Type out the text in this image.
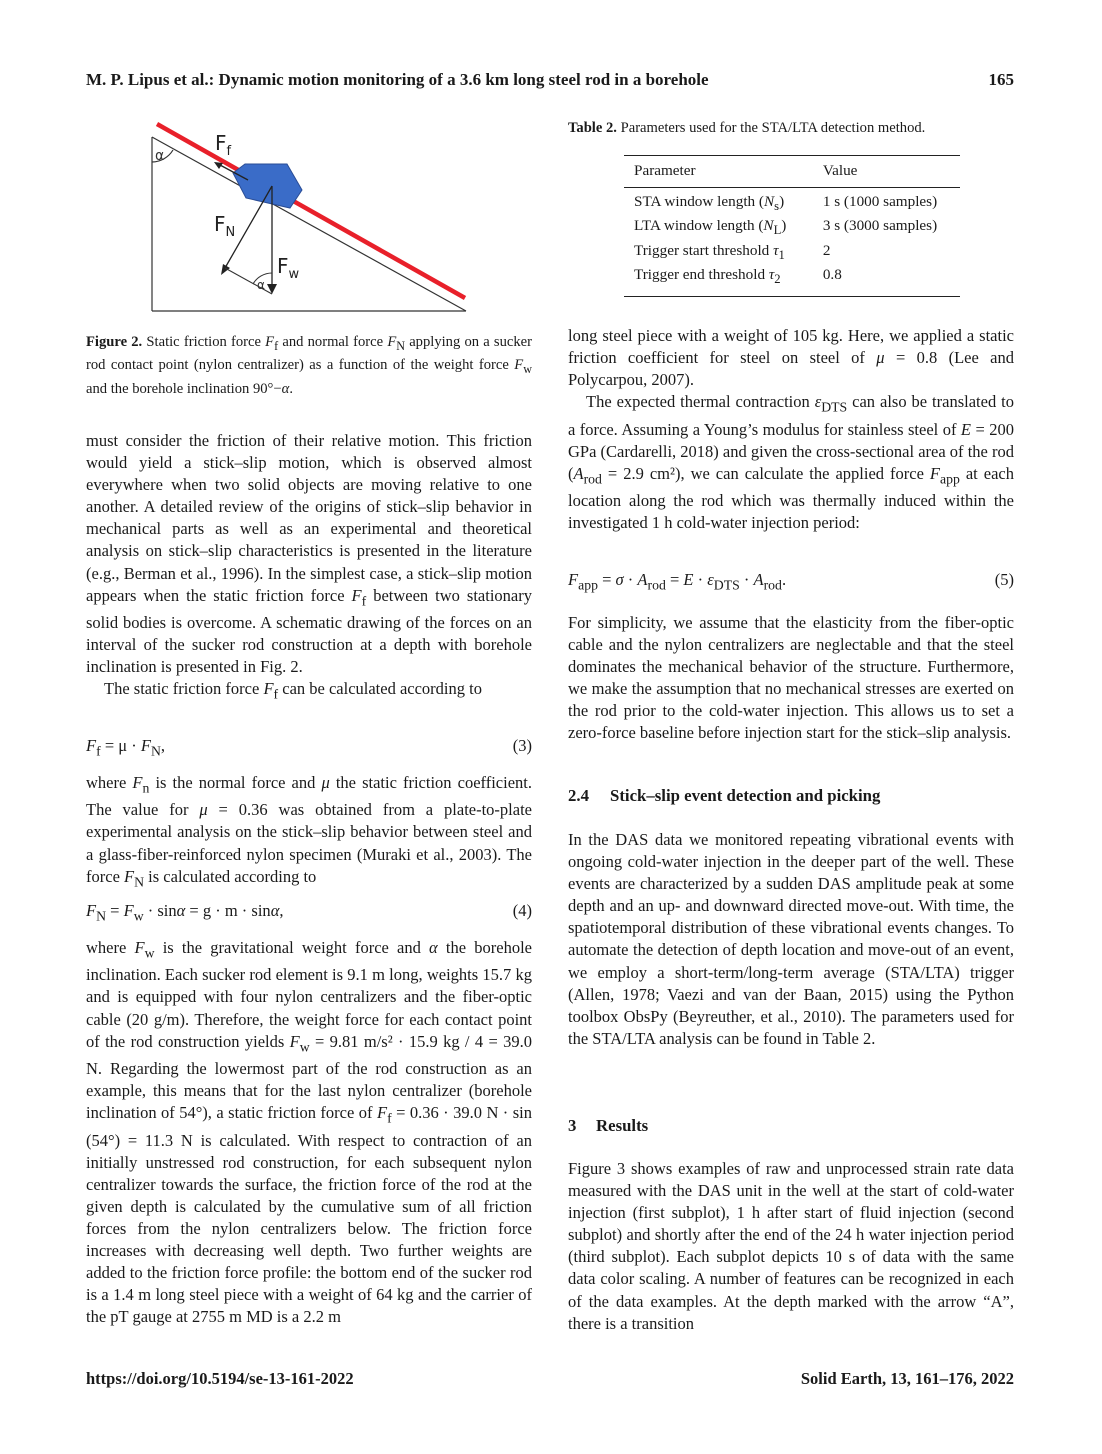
M. P. Lipus et al.: Dynamic motion monitoring of a 3.6 km long steel rod in a borehole	165
α
$F_f$
$F_N$
$F_w$
α
Figure 2. Static friction force $F_f$ and normal force $F_N$ applying on a sucker rod contact point (nylon centralizer) as a function of the weight force $F_w$ and the borehole inclination 90°−α.
Table 2. Parameters used for the STA/LTA detection method.
Parameter	Value
STA window length $(N_s)$	1 s (1000 samples)
LTA window length $(N_L)$	3 s (3000 samples)
Trigger start threshold $\tau_1$	2
Trigger end threshold $\tau_2$	0.8

must consider the friction of their relative motion. This friction would yield a stick–slip motion, which is observed almost everywhere when two solid objects are moving relative to one another. A detailed review of the origins of stick–slip behavior in mechanical parts as well as an experimental and theoretical analysis on stick–slip characteristics is presented in the literature (e.g., Berman et al., 1996). In the simplest case, a stick–slip motion appears when the static friction force $F_f$ between two stationary solid bodies is overcome. A schematic drawing of the forces on an interval of the sucker rod construction at a depth with borehole inclination is presented in Fig. 2.

The static friction force $F_f$ can be calculated according to

$F_f = \mu \cdot F_N$,	(3)

where $F_n$ is the normal force and μ the static friction coefficient. The value for μ = 0.36 was obtained from a plate-to-plate experimental analysis on the stick–slip behavior between steel and a glass-fiber-reinforced nylon specimen (Muraki et al., 2003). The force $F_N$ is calculated according to

$F_N = F_w \cdot \sin\alpha = g \cdot m \cdot \sin\alpha$,	(4)

where $F_w$ is the gravitational weight force and α the borehole inclination. Each sucker rod element is 9.1 m long, weights 15.7 kg and is equipped with four nylon centralizers and the fiber-optic cable (20 g/m). Therefore, the weight force for each contact point of the rod construction yields $F_w = 9.81$ m/s² · 15.9 kg / 4 = 39.0 N. Regarding the lowermost part of the rod construction as an example, this means that for the last nylon centralizer (borehole inclination of 54°), a static friction force of $F_f = 0.36 \cdot 39.0$ N · sin (54°) = 11.3 N is calculated. With respect to contraction of an initially unstressed rod construction, for each subsequent nylon centralizer towards the surface, the friction force of the rod at the given depth is calculated by the cumulative sum of all friction forces from the nylon centralizers below. The friction force increases with decreasing well depth. Two further weights are added to the friction force profile: the bottom end of the sucker rod is a 1.4 m long steel piece with a weight of 64 kg and the carrier of the pT gauge at 2755 m MD is a 2.2 m

long steel piece with a weight of 105 kg. Here, we applied a static friction coefficient for steel on steel of μ = 0.8 (Lee and Polycarpou, 2007).

The expected thermal contraction $\varepsilon_{DTS}$ can also be translated to a force. Assuming a Young’s modulus for stainless steel of E = 200 GPa (Cardarelli, 2018) and given the cross-sectional area of the rod ($A_{rod} = 2.9$ cm²), we can calculate the applied force $F_{app}$ at each location along the rod which was thermally induced within the investigated 1 h cold-water injection period:

$F_{app} = \sigma \cdot A_{rod} = E \cdot \varepsilon_{DTS} \cdot A_{rod}$.	(5)

For simplicity, we assume that the elasticity from the fiber-optic cable and the nylon centralizers are neglectable and that the steel dominates the mechanical behavior of the structure. Furthermore, we make the assumption that no mechanical stresses are exerted on the rod prior to the cold-water injection. This allows us to set a zero-force baseline before injection start for the stick–slip analysis.

2.4 Stick–slip event detection and picking

In the DAS data we monitored repeating vibrational events with ongoing cold-water injection in the deeper part of the well. These events are characterized by a sudden DAS amplitude peak at some depth and an up- and downward directed move-out. With time, the spatiotemporal distribution of these vibrational events changes. To automate the detection of depth location and move-out of an event, we employ a short-term/long-term average (STA/LTA) trigger (Allen, 1978; Vaezi and van der Baan, 2015) using the Python toolbox ObsPy (Beyreuther, et al., 2010). The parameters used for the STA/LTA analysis can be found in Table 2.

3 Results

Figure 3 shows examples of raw and unprocessed strain rate data measured with the DAS unit in the well at the start of cold-water injection (first subplot), 1 h after start of fluid injection (second subplot) and shortly after the end of the 24 h water injection period (third subplot). Each subplot depicts 10 s of data with the same data color scaling. A number of features can be recognized in each of the data examples. At the depth marked with the arrow “A”, there is a transition

https://doi.org/10.5194/se-13-161-2022	Solid Earth, 13, 161–176, 2022
